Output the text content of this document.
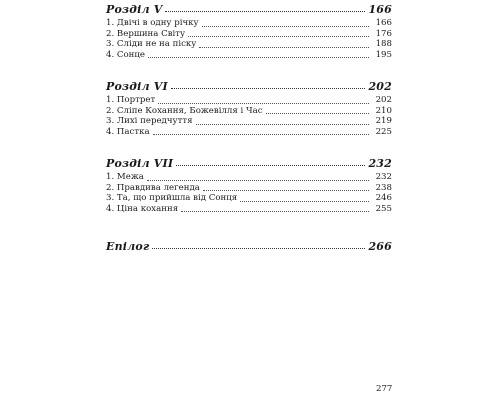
Розділ V	166
1. Двічі в одну річку	166
2. Вершина Світу	176
3. Сліди не на піску	188
4. Сонце	195
Розділ VI	202
1. Портрет	202
2. Сліпе Кохання, Божевілля і Час	210
3. Лихі передчуття	219
4. Пастка	225
Розділ VII	232
1. Межа	232
2. Правдива легенда	238
3. Та, що прийшла від Сонця	246
4. Ціна кохання	255
Епілог	266
277
